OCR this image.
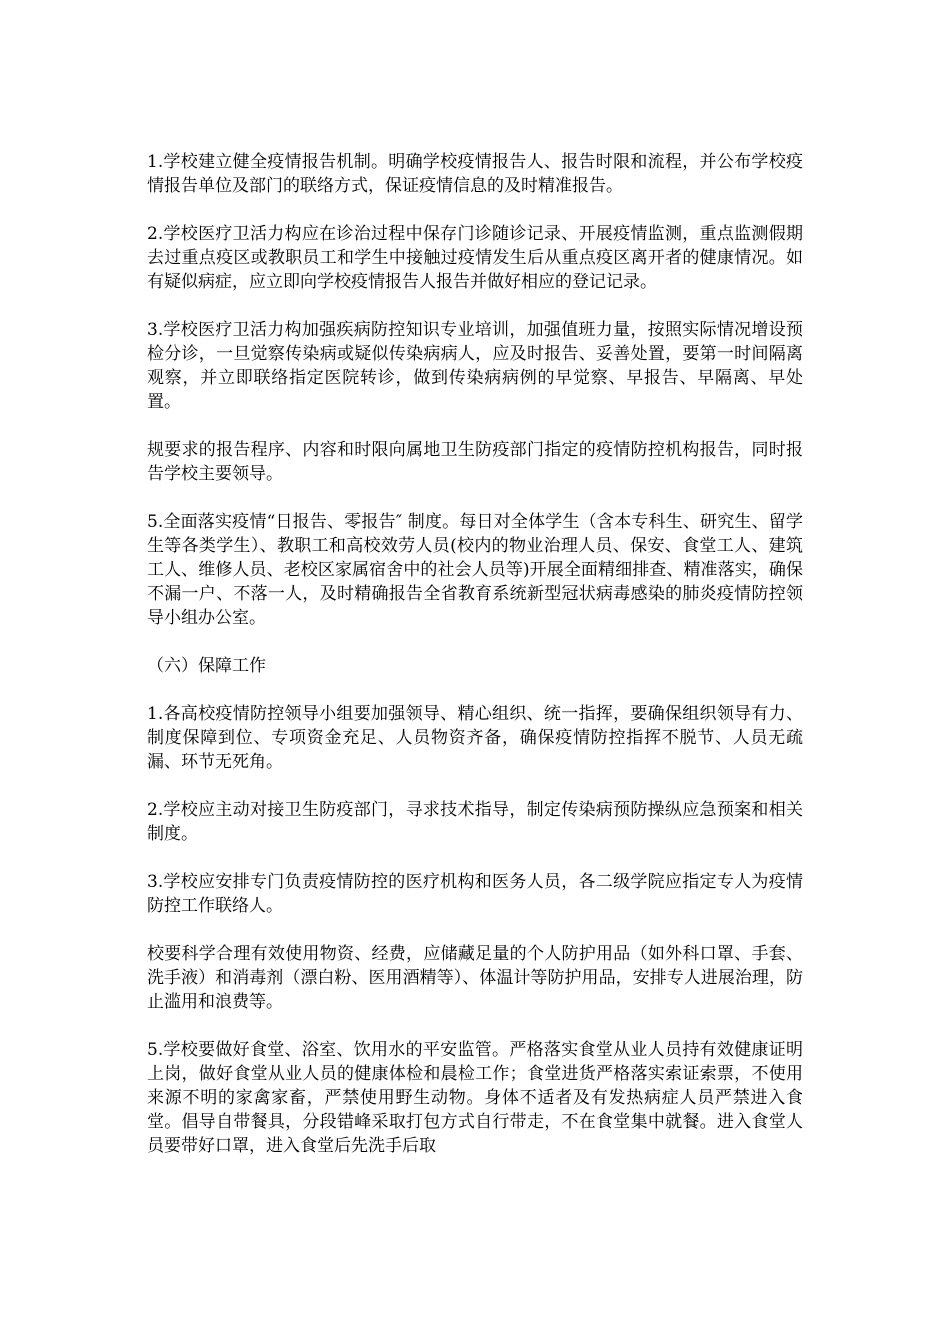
1.学校建立健全疫情报告机制。明确学校疫情报告人、报告时限和流程，并公布学校疫情报告单位及部门的联络方式，保证疫情信息的及时精准报告。

2.学校医疗卫活力构应在诊治过程中保存门诊随诊记录、开展疫情监测，重点监测假期去过重点疫区或教职员工和学生中接触过疫情发生后从重点疫区离开者的健康情况。如有疑似病症，应立即向学校疫情报告人报告并做好相应的登记记录。

3.学校医疗卫活力构加强疾病防控知识专业培训，加强值班力量，按照实际情况增设预检分诊，一旦觉察传染病或疑似传染病病人，应及时报告、妥善处置，要第一时间隔离观察，并立即联络指定医院转诊，做到传染病病例的早觉察、早报告、早隔离、早处置。

规要求的报告程序、内容和时限向属地卫生防疫部门指定的疫情防控机构报告，同时报告学校主要领导。

5.全面落实疫情“日报告、零报告″ 制度。每日对全体学生（含本专科生、研究生、留学生等各类学生）、教职工和高校效劳人员(校内的物业治理人员、保安、食堂工人、建筑工人、维修人员、老校区家属宿舍中的社会人员等)开展全面精细排查、精准落实，确保不漏一户、不落一人，及时精确报告全省教育系统新型冠状病毒感染的肺炎疫情防控领导小组办公室。

（六）保障工作

1.各高校疫情防控领导小组要加强领导、精心组织、统一指挥，要确保组织领导有力、制度保障到位、专项资金充足、人员物资齐备，确保疫情防控指挥不脱节、人员无疏漏、环节无死角。

2.学校应主动对接卫生防疫部门，寻求技术指导，制定传染病预防操纵应急预案和相关制度。

3.学校应安排专门负责疫情防控的医疗机构和医务人员，各二级学院应指定专人为疫情防控工作联络人。

校要科学合理有效使用物资、经费，应储藏足量的个人防护用品（如外科口罩、手套、洗手液）和消毒剂（漂白粉、医用酒精等）、体温计等防护用品，安排专人进展治理，防止滥用和浪费等。

5.学校要做好食堂、浴室、饮用水的平安监管。严格落实食堂从业人员持有效健康证明上岗，做好食堂从业人员的健康体检和晨检工作；食堂进货严格落实索证索票，不使用来源不明的家禽家畜，严禁使用野生动物。身体不适者及有发热病症人员严禁进入食堂。倡导自带餐具，分段错峰采取打包方式自行带走，不在食堂集中就餐。进入食堂人员要带好口罩，进入食堂后先洗手后取
